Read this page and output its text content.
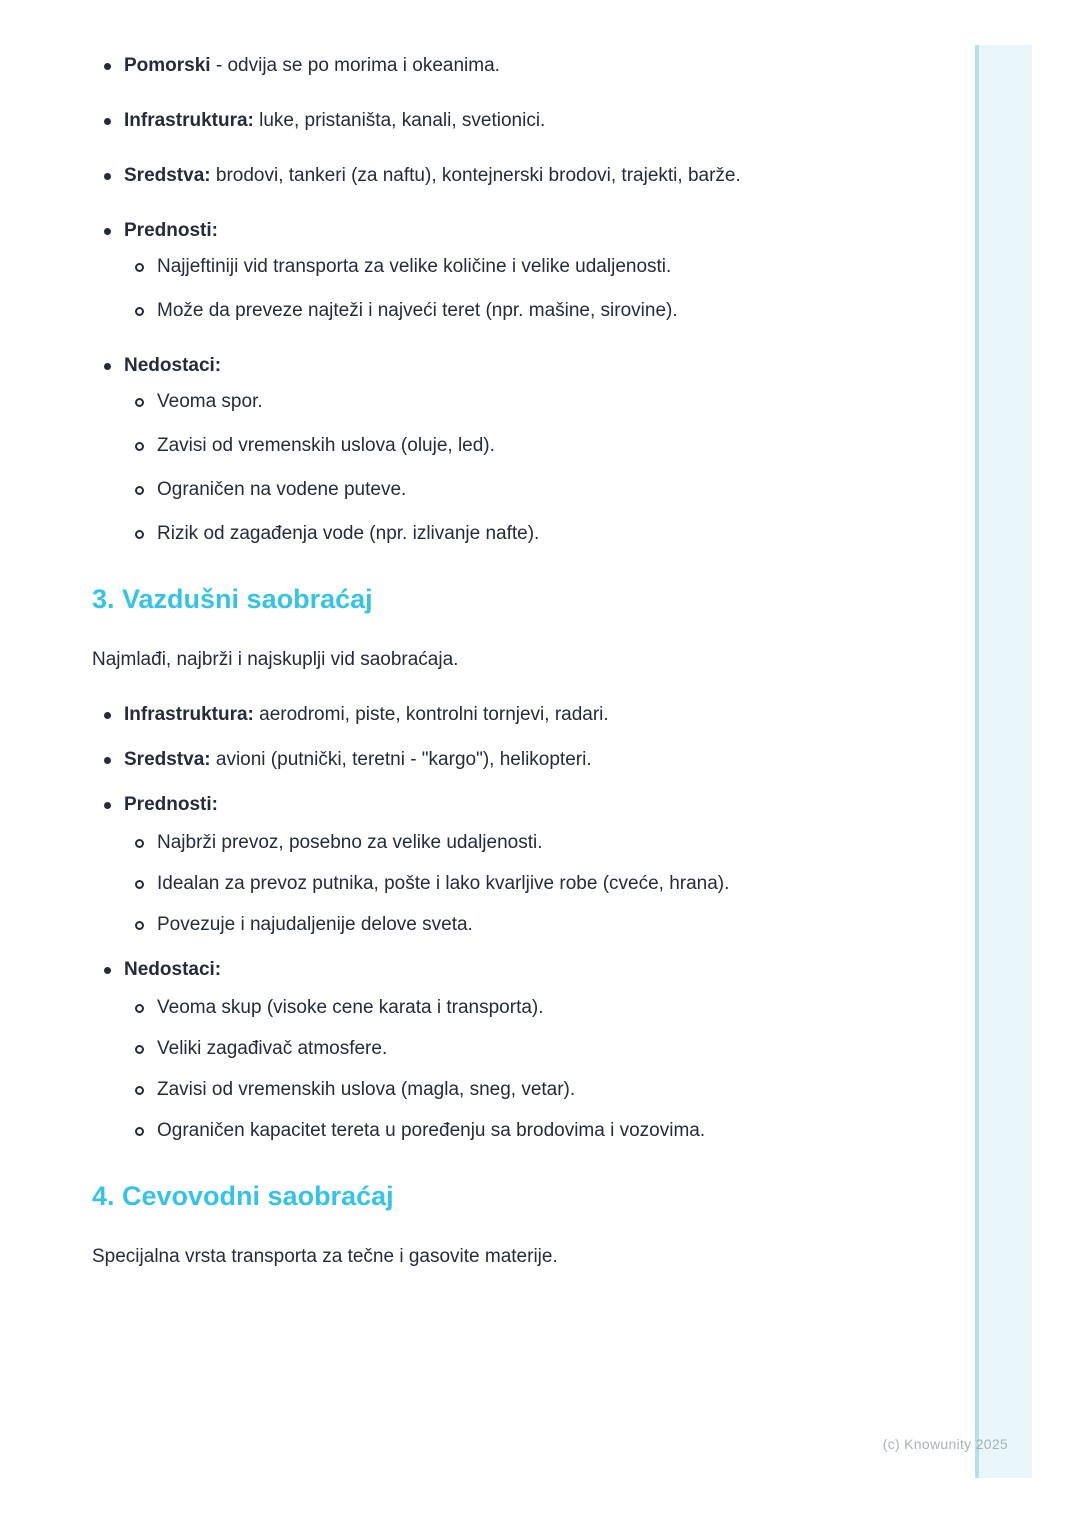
Pomorski - odvija se po morima i okeanima.
Infrastruktura: luke, pristaništa, kanali, svetionici.
Sredstva: brodovi, tankeri (za naftu), kontejnerski brodovi, trajekti, barže.
Prednosti:
Najjeftiniji vid transporta za velike količine i velike udaljenosti.
Može da preveze najteži i najveći teret (npr. mašine, sirovine).
Nedostaci:
Veoma spor.
Zavisi od vremenskih uslova (oluje, led).
Ograničen na vodene puteve.
Rizik od zagađenja vode (npr. izlivanje nafte).
3. Vazdušni saobraćaj

Najmlađi, najbrži i najskuplji vid saobraćaja.

Infrastruktura: aerodromi, piste, kontrolni tornjevi, radari.
Sredstva: avioni (putnički, teretni - "kargo"), helikopteri.
Prednosti:
Najbrži prevoz, posebno za velike udaljenosti.
Idealan za prevoz putnika, pošte i lako kvarljive robe (cveće, hrana).
Povezuje i najudaljenije delove sveta.
Nedostaci:
Veoma skup (visoke cene karata i transporta).
Veliki zagađivač atmosfere.
Zavisi od vremenskih uslova (magla, sneg, vetar).
Ograničen kapacitet tereta u poređenju sa brodovima i vozovima.
4. Cevovodni saobraćaj

Specijalna vrsta transporta za tečne i gasovite materije.

(c) Knowunity 2025
